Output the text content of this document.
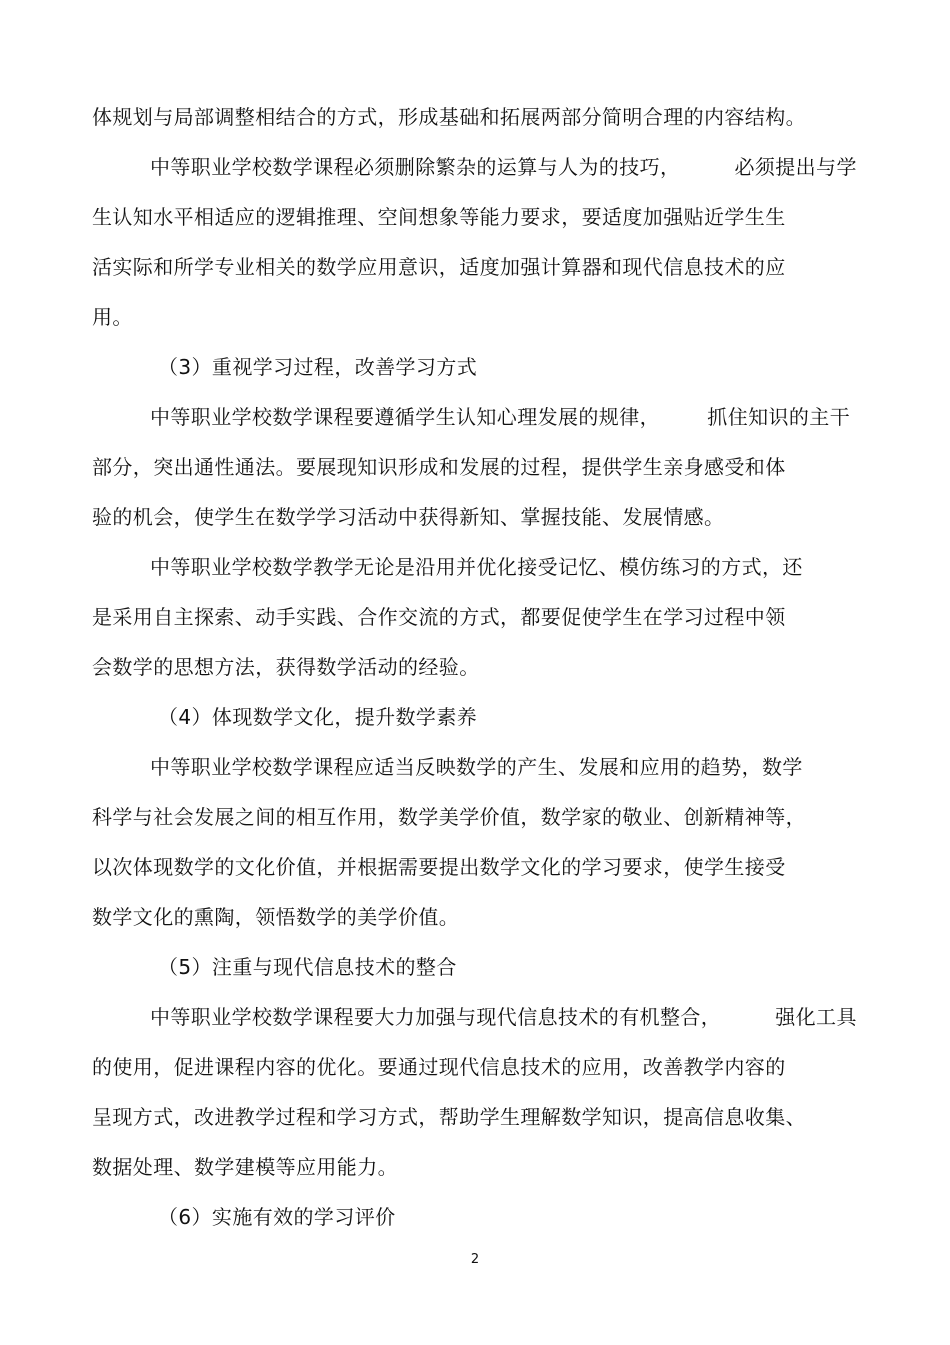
体规划与局部调整相结合的方式，形成基础和拓展两部分简明合理的内容结构。
中等职业学校数学课程必须删除繁杂的运算与人为的技巧，        必须提出与学
生认知水平相适应的逻辑推理、空间想象等能力要求，要适度加强贴近学生生
活实际和所学专业相关的数学应用意识，适度加强计算器和现代信息技术的应
用。
（3）重视学习过程，改善学习方式
中等职业学校数学课程要遵循学生认知心理发展的规律，       抓住知识的主干
部分，突出通性通法。要展现知识形成和发展的过程，提供学生亲身感受和体
验的机会，使学生在数学学习活动中获得新知、掌握技能、发展情感。
中等职业学校数学教学无论是沿用并优化接受记忆、模仿练习的方式，还
是采用自主探索、动手实践、合作交流的方式，都要促使学生在学习过程中领
会数学的思想方法，获得数学活动的经验。
（4）体现数学文化，提升数学素养
中等职业学校数学课程应适当反映数学的产生、发展和应用的趋势，数学
科学与社会发展之间的相互作用，数学美学价值，数学家的敬业、创新精神等，
以次体现数学的文化价值，并根据需要提出数学文化的学习要求，使学生接受
数学文化的熏陶，领悟数学的美学价值。
（5）注重与现代信息技术的整合
中等职业学校数学课程要大力加强与现代信息技术的有机整合，        强化工具
的使用，促进课程内容的优化。要通过现代信息技术的应用，改善教学内容的
呈现方式，改进教学过程和学习方式，帮助学生理解数学知识，提高信息收集、
数据处理、数学建模等应用能力。
（6）实施有效的学习评价
2
